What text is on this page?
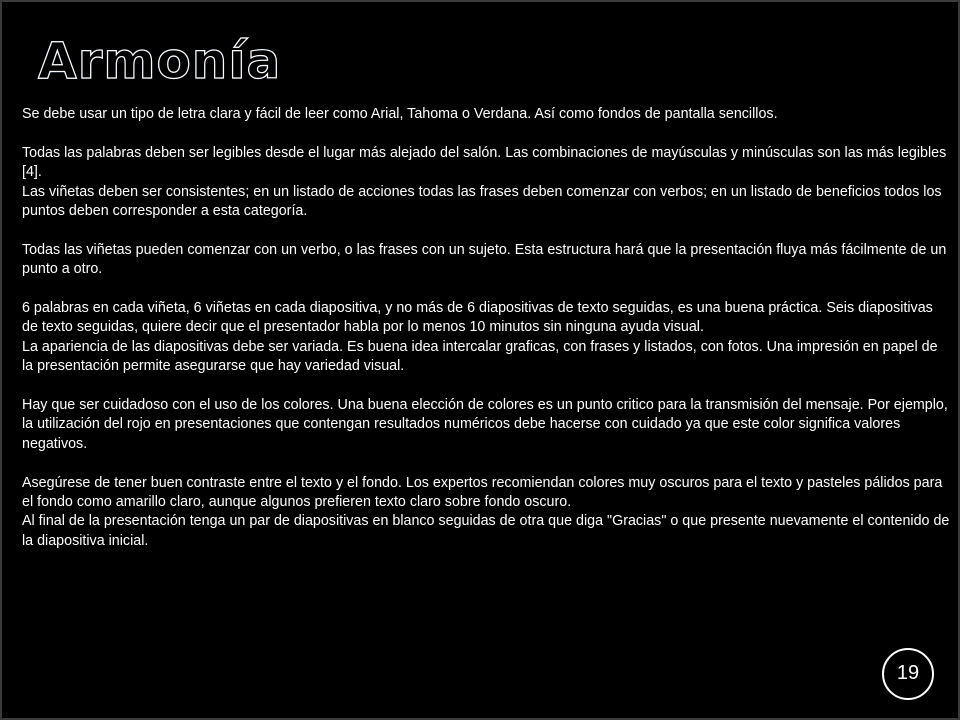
Armonía

Se debe usar un tipo de letra clara y fácil de leer como Arial, Tahoma o Verdana. Así como fondos de pantalla sencillos.

Todas las palabras deben ser legibles desde el lugar más alejado del salón. Las combinaciones de mayúsculas y minúsculas son las más legibles [4].

Las viñetas deben ser consistentes; en un listado de acciones todas las frases deben comenzar con verbos; en un listado de beneficios todos los puntos deben corresponder a esta categoría.

Todas las viñetas pueden comenzar con un verbo, o las frases con un sujeto. Esta estructura hará que la presentación fluya más fácilmente de un punto a otro.

6 palabras en cada viñeta, 6 viñetas en cada diapositiva, y no más de 6 diapositivas de texto seguidas, es una buena práctica. Seis diapositivas de texto seguidas, quiere decir que el presentador habla por lo menos 10 minutos sin ninguna ayuda visual.

La apariencia de las diapositivas debe ser variada. Es buena idea intercalar graficas, con frases y listados, con fotos. Una impresión en papel de la presentación permite asegurarse que hay variedad visual.

Hay que ser cuidadoso con el uso de los colores. Una buena elección de colores es un punto critico para la transmisión del mensaje. Por ejemplo, la utilización del rojo en presentaciones que contengan resultados numéricos debe hacerse con cuidado ya que este color significa valores negativos.

Asegúrese de tener buen contraste entre el texto y el fondo. Los expertos recomiendan colores muy oscuros para el texto y pasteles pálidos para el fondo como amarillo claro, aunque algunos prefieren texto claro sobre fondo oscuro.

Al final de la presentación tenga un par de diapositivas en blanco seguidas de otra que diga "Gracias" o que presente nuevamente el contenido de la diapositiva inicial.

19
